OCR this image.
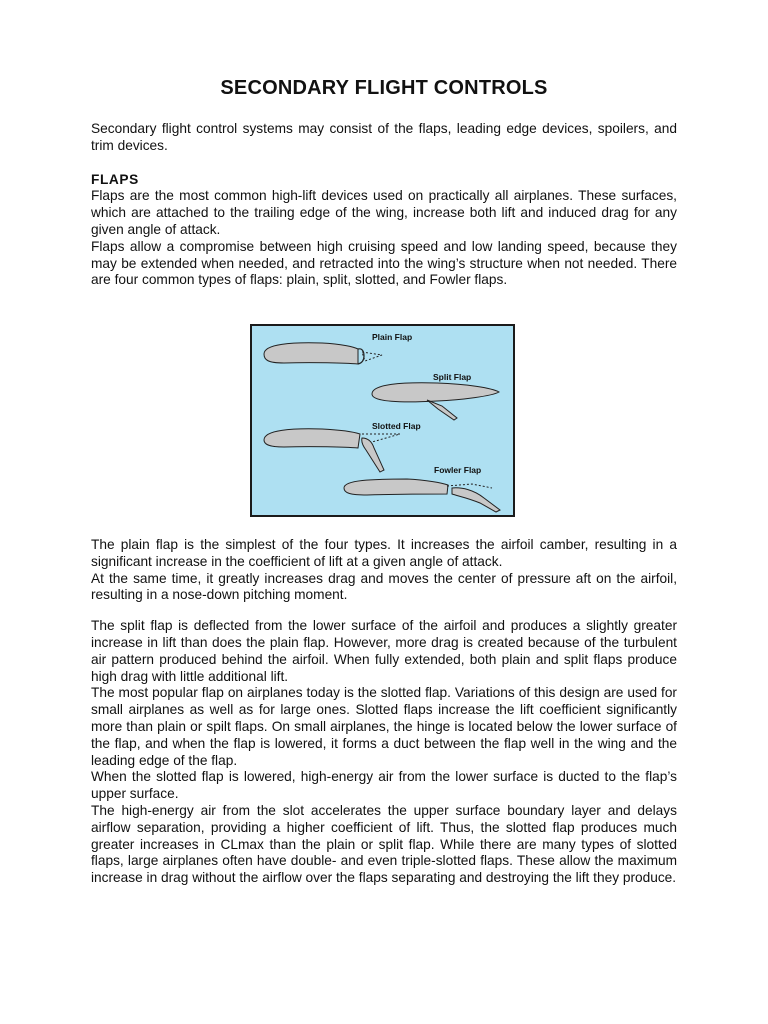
SECONDARY FLIGHT CONTROLS

Secondary flight control systems may consist of the flaps, leading edge devices, spoilers, and trim devices.

FLAPS

Flaps are the most common high-lift devices used on practically all airplanes. These surfaces, which are attached to the trailing edge of the wing, increase both lift and induced drag for any given angle of attack.

Flaps allow a compromise between high cruising speed and low landing speed, because they may be extended when needed, and retracted into the wing’s structure when not needed. There are four common types of flaps: plain, split, slotted, and Fowler flaps.

Plain Flap
Split Flap
Slotted Flap
Fowler Flap

The plain flap is the simplest of the four types. It increases the airfoil camber, resulting in a significant increase in the coefficient of lift at a given angle of attack.

At the same time, it greatly increases drag and moves the center of pressure aft on the airfoil, resulting in a nose-down pitching moment.

The split flap is deflected from the lower surface of the airfoil and produces a slightly greater increase in lift than does the plain flap. However, more drag is created because of the turbulent air pattern produced behind the airfoil. When fully extended, both plain and split flaps produce high drag with little additional lift.

The most popular flap on airplanes today is the slotted flap. Variations of this design are used for small airplanes as well as for large ones. Slotted flaps increase the lift coefficient significantly more than plain or spilt flaps. On small airplanes, the hinge is located below the lower surface of the flap, and when the flap is lowered, it forms a duct between the flap well in the wing and the leading edge of the flap.

When the slotted flap is lowered, high-energy air from the lower surface is ducted to the flap’s upper surface.

The high-energy air from the slot accelerates the upper surface boundary layer and delays airflow separation, providing a higher coefficient of lift. Thus, the slotted flap produces much greater increases in CLmax than the plain or split flap. While there are many types of slotted flaps, large airplanes often have double- and even triple-slotted flaps. These allow the maximum increase in drag without the airflow over the flaps separating and destroying the lift they produce.
